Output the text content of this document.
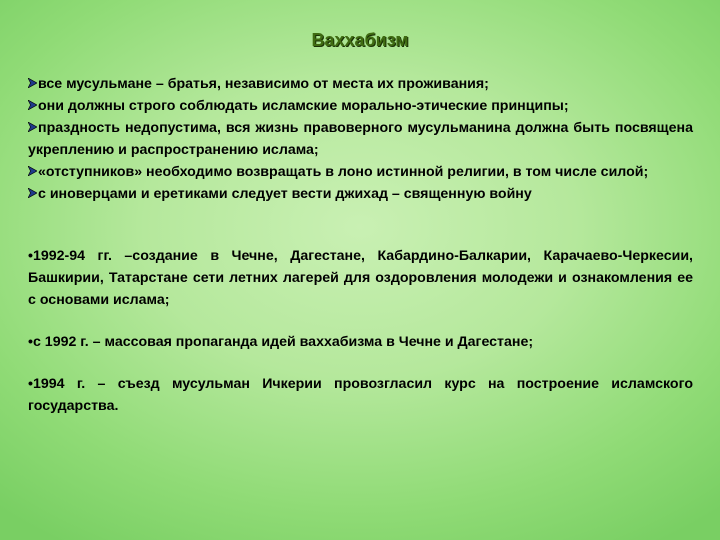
Ваххабизм
все мусульмане – братья, независимо от места их проживания;
они должны строго соблюдать исламские морально-этические принципы;
праздность недопустима, вся жизнь правоверного мусульманина должна быть посвящена укреплению и распространению ислама;
«отступников» необходимо возвращать в лоно истинной религии, в том числе силой;
с иноверцами и еретиками следует вести джихад – священную войну
•1992-94 гг. –создание в Чечне, Дагестане, Кабардино-Балкарии, Карачаево-Черкесии, Башкирии, Татарстане сети летних лагерей для оздоровления молодежи и ознакомления ее с основами ислама;
•с 1992 г. – массовая пропаганда идей ваххабизма в Чечне и Дагестане;
•1994 г. – съезд мусульман Ичкерии провозгласил курс на построение исламского государства.
